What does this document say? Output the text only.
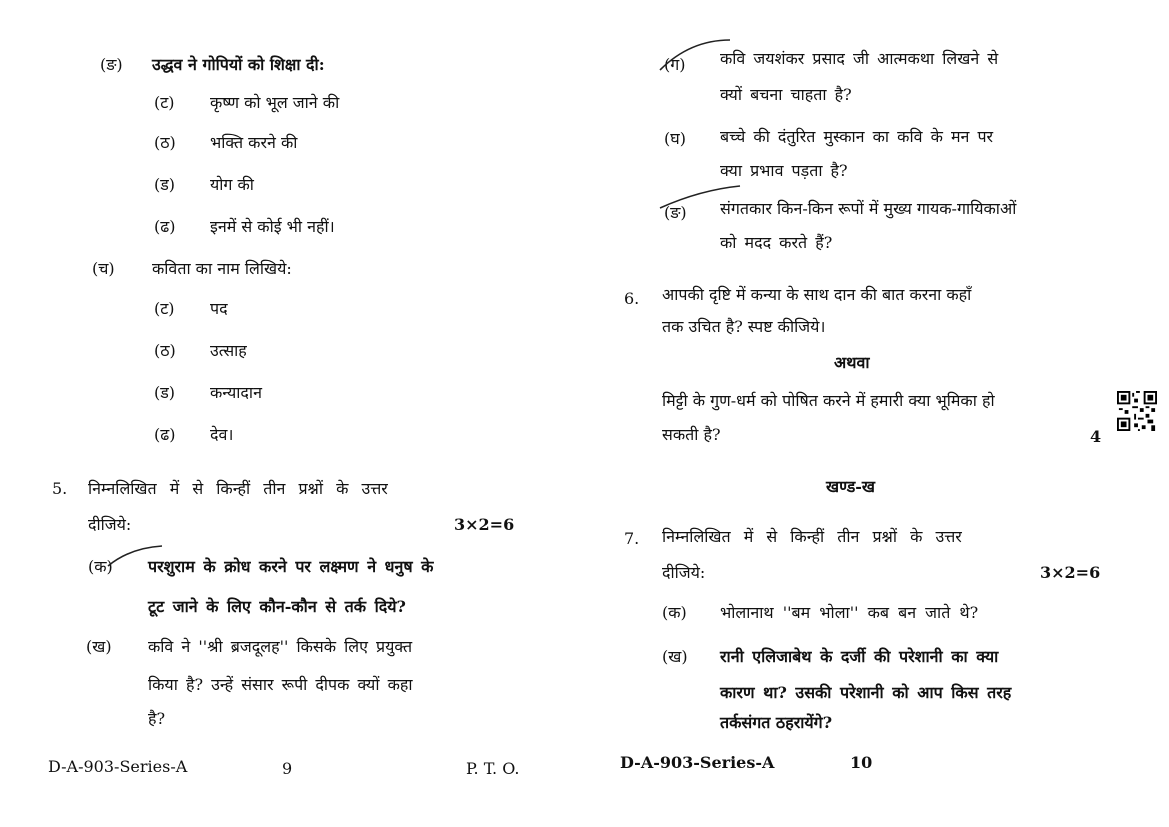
(ङ) उद्धव ने गोपियों को शिक्षा दी:
(ट) कृष्ण को भूल जाने की
(ठ) भक्ति करने की
(ड) योग की
(ढ) इनमें से कोई भी नहीं।
(च) कविता का नाम लिखिये:
(ट) पद
(ठ) उत्साह
(ड) कन्यादान
(ढ) देव।
5. निम्नलिखित में से किन्हीं तीन प्रश्नों के उत्तर
दीजिये:	3×2=6
(क) परशुराम के क्रोध करने पर लक्ष्मण ने धनुष के
टूट जाने के लिए कौन-कौन से तर्क दिये?
(ख) कवि ने ''श्री ब्रजदूलह'' किसके लिए प्रयुक्त
किया है? उन्हें संसार रूपी दीपक क्यों कहा
है?
D-A-903-Series-A	9	P. T. O.
(ग) कवि जयशंकर प्रसाद जी आत्मकथा लिखने से
क्यों बचना चाहता है?
(घ) बच्चे की दंतुरित मुस्कान का कवि के मन पर
क्या प्रभाव पड़ता है?
(ङ) संगतकार किन-किन रूपों में मुख्य गायक-गायिकाओं
को मदद करते हैं?
6. आपकी दृष्टि में कन्या के साथ दान की बात करना कहाँ
तक उचित है? स्पष्ट कीजिये।
अथवा
मिट्टी के गुण-धर्म को पोषित करने में हमारी क्या भूमिका हो
सकती है?	4
खण्ड-ख
7. निम्नलिखित में से किन्हीं तीन प्रश्नों के उत्तर
दीजिये:	3×2=6
(क) भोलानाथ ''बम भोला'' कब बन जाते थे?
(ख) रानी एलिजाबेथ के दर्जी की परेशानी का क्या
कारण था? उसकी परेशानी को आप किस तरह
तर्कसंगत ठहरायेंगे?
D-A-903-Series-A	10
